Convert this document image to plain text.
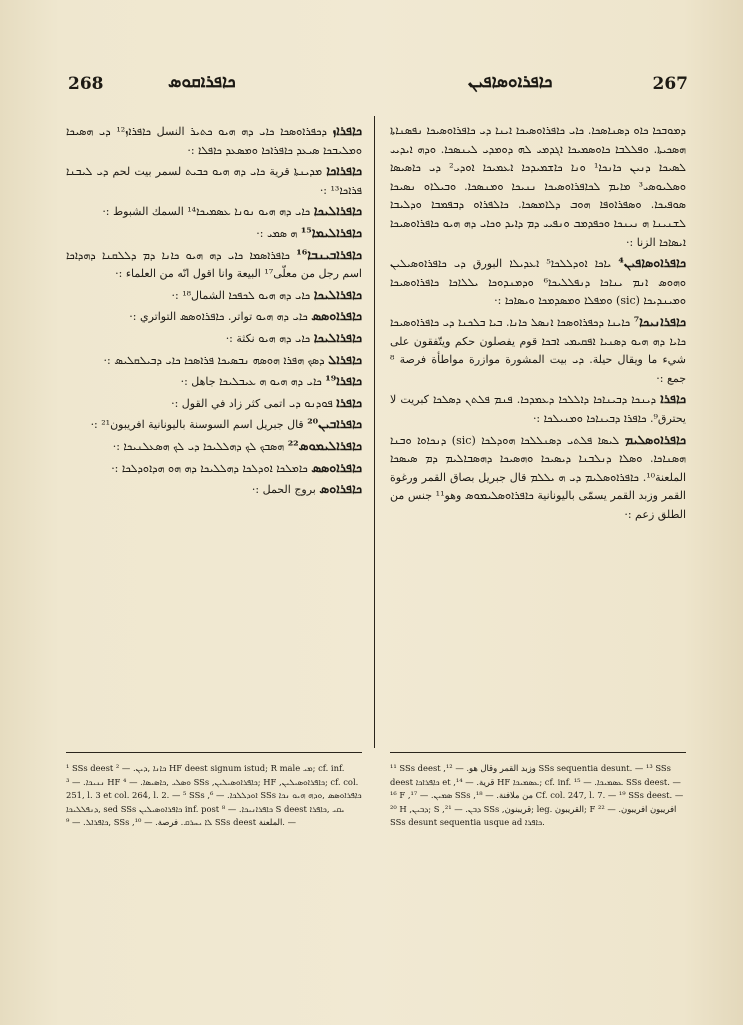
268	ܟܐܦܪܐܩܘܣ	ܟܐܦܪܐܘܣܐܦܝܢ	267
ܟܐܦܪܐܙ ܕܟܦܪܐܘܣܟܐ ܟܐܝ ܕܗ ܗܝܘ ܟܬܝܪ النسل ܟܐܦܪܐܙ¹² ܕܝ ܗܣܝܟܐ ܘܡܠܝܒܟܐ ܣܝܥܕ ܟܐܦܪܐܟܐ ܘܡܣܥܕ ܟܐܦܠܐ :·
ܟܐܦܪܐܟܐ ܡܕܝܢܬܐ قرية ܟܐܝ ܕܗ ܗܝܘ ܟܒܝܬ لسمر بيت لحم ܕܝ ܠܝܒܢܐ ܦܪܐܟܐ¹³ :·
ܟܐܦܪܐܠܝܟܐ ܟܐܝ ܕܗ ܗܝܘ ܢܘܢܐ ܥܣܡܝܟܐ¹⁴ السمك الشبوط :·
ܟܐܦܪܐܠܝܡܐ¹⁵ ܗ ܣܡܝ :·
ܟܐܦܪܐܒܝܢܒܐ¹⁶ ܟܐܦܪܐܣܡܐ ܟܐܝ ܕܗ ܗܝܘ ܟܐܢܐ ܕܡ ܕܠܠܩܢܐ ܕܗܕܐܟܐ اسم رجل من معلّى¹⁷ البيعة وانا اقول انّه من العلماء :·
ܟܐܦܪܐܠܝܟܐ ܟܐܝ ܕܗ ܗܝܘ ܠܟܦܟܐ الشمال¹⁸ :·
ܟܐܦܪܐܘܣܣ ܟܐܝ ܕܗ ܗܝܘ تواتر. ܟܐܦܪܐܘܣܣ التواتري :·
ܟܐܦܪܐܠܝܟܐ ܟܐܝ ܕܗ ܗܝܘ نكثة :·
ܟܐܦܪܐܠ ܕܣܟ ܗܦܪܐ ܗܘܣܗ ܢܒܣܝܟܐ ܦܪܐܣܟܐ ܟܐܝ ܕܒܝܠܩܠܝܣ :·
ܟܐܦܪܐ¹⁹ ܟܐܝ ܕܗ ܗܝܘ ܗ ܥܝܒܠܝܟܐ جاهل :·
ܟܐܦܪܐ ܦܘܕܢܘ ܕܝ اتمی كثر زاد ﻓﻲ القول :·
ܟܐܦܪܐܒܝܢ²⁰ قال جبريل اسم السوسنة باليونانية افريبون²¹ :·
ܟܐܦܪܐܠܝܡܘܣ²² ܗܣܒܟ ܠܟ ܕܗܠܠܝܟܐ ܕܝ ܠܟ ܗܣܥܠܢܝܟܐ :·
ܟܐܦܪܐܘܣܣ ܟܐܡܠܟܐ ܐܘܕܠܟܐ ܕܗܠܠܝܟܐ ܕܗ ܗܘ ܗܕܐܘܕܠܟܐ :·
ܟܐܦܪܐܘܣ بروج الحمل :·
ܕܡܘܒܟܐ ܟܐܘ ܕܣܢܐܣܟܐ. ܟܐܝ ܟܐܦܪܐܘܣܝܟܐ ܐܝܢܐ ܕܝ ܟܐܦܪܐܘܣܝܟܐ ܢܦܣܢܐܬܐ ܗܣܟܝܬܐ. ܘܦܠܠܒܐ ܟܐܘܣܡܝܟܐ ܐܓܕܡܝ ܠܗ ܕܘܡܕܝ ܠܝܢܣܟܐ. ܘܕܗ ܐܝܕܝܝ ܠܣܝܟܐ ܕܢܝܢ ܟܐܢܟܐ¹ ܘܢܐ ܟܐܫܡܝܕܟܐ ܐܥܡܝܟܐ ܐܘܕܝ² ܕܝ ܟܐܣܝܣܐ ܘܣܠܝܘܣܝ³ ܡܐܝܡ ܠܟܐܦܪܐܘܣܝܟܐ ܢܢܝܟܐ ܘܡܢܣܟܐ. ܘܒܝܠܐܘ ܢܣܝܟܐ ܣܘܦܝܟܐ. ܘܣܦܪܐܘܦܐ ܗܘܒ ܕܠܐܡܣܟܐ. ܟܐܠܦܪܐܘ ܕܒܦܡܒܐ ܘܕܠܝܒܐ ܠܫܢܝܢܐ ܗ ܢܝܢܟܐ ܘܟܦܕܡܒ ܘܢܦܝܝ ܕܡ ܕܐܝܕ ܘܟܐܝ ܕܗ ܗܝܘ ܟܐܦܪܐܘܣܝܟܐ ܐܝܣܐܟܐ الزنا :·
ܟܐܦܪܐܘܣܐܦܝܢ⁴ ܝܐܟܐ ܐܘܕܠܠܟܐ⁵ ܐܥܕܝܠܐ البورق ܕܝ ܟܐܦܪܐܘܣܝܠܝܢ ܘܗܘܣ ܐܢܡ ܝܢܐܟܐ ܕܢܦܠܠܝܟܐ⁶ ܘܕܡܢܕܘܟܐ ܝܠܠܐܟܐ ܟܐܦܪܐܘܣܝܟܐ ܘܡܝܢܕܝܟܐ (sic) ܘܡܦܠܐ ܘܡܣܕܡܟܐ ܘܝܣܐܟܐ :·
ܟܐܦܪܐܢܝܟܐ⁷ ܟܐܝܢܐ ܕܟܦܪܐܘܣܟܐ ܐܢܣܠ ܟܐܢܐ. ܒܝܐ ܒܠܟܢܐ ܕܝ ܟܐܦܪܐܘܣܝܟܐ ܟܐܝܐ ܕܗ ܗܝܘ ܕܣܢܝܐ ܐܦܩܝܡܝ ܐܒܟܐ قوم يفصلون حكم ويتّفقون على شيء ما ويقال حيلة. ܕܝ بيت المشورة موازرة مواطأة فرصة ⁸ جمع :·
ܟܐܦܪܐ ܕܝܢܟܐ ܕܒܝܢܐܟܐ ܕܐܠܠܟܐ ܕܥܡܕܟܐ. ܦܢܡ ܦܠܬܢ ܕܣܠܟܐ كبريت لا يحترق⁹. ܟܐܦܪܐ ܕܒܝܢܐܟܐ ܘܡܢܝܠܟܐ :·
ܟܐܦܪܐܘܣܠܝܡ ܠܝܣܐ ܦܠܬܝ ܕܣܢܠܠܟܐ ܗܘܕܠܟܐ (sic) ܕܢܟܐܘܐ ܘܒܢܐ ܗܣܢܐܟܐ. ܘܣܠܐ ܕܢܠܒܢܐ ܕܝܣܝܟܐ ܘܗܣܝܟܐ ܕܗܣܒܐܠܝܡ ܕܡ ܣܝܣܟܐ الملعنة¹⁰. ܟܐܦܪܐܘܣܠܝܡ ܕܝ ܗ ܝܠܠܡ قال جبريل بصاق القمر ورغوة القمر وزبد القمر يسمّى باليونانية ܟܐܦܪܐܘܣܠܝܡܘܣ وهو¹¹ جنس من الطلق زعم :·
¹ SSs deest ܟܐܢܐ ,ܕܝܢ. — ² HF deest signum istud; R male ܡܝ; cf. inf. ܢܢܝܟܐ. — ³ HF ܘܣܠܝ ,ܟܐܣܝܣܐ. — ⁴ SSs ,ܟܐܦܪܐܘܣܝܠܝܢ; HF ,ܟܐܦܪܐܘܣܝܠܝܢ; cf. col. 251, l. 3 et col. 264, l. 2. — ⁵ SSs ,ܐܘܕܠܠܟܐ. — ⁶ SSs ܟܐܦܪܐܘܣܣ ,ܘܕܗ ܗܝܘ ܢܟܐ ܕܢܦܠܠܝܟܐ, sed SSs ܟܐܦܪܐܘܣܝܠܝܢ inf. post ܟܐܦܪܐܢܝܟܐ. — ⁸ S deest ܝܩܝ ,ܟܐܦܪܐ ,ܟܐܦܪܐܠ. — ⁹ SSs ,ܠܐ ܝܚܪܩ. فرصة. — ¹⁰ SSs deest الملعنة. —
¹¹ SSs deest ,وزبد القمر وقال هو. — ¹² SSs sequentia desunt. — ¹³ SSs deest ܟܐܦܪܐܟܐ et ,قرية. — ¹⁴ HF ܥܣܡܝܟܐ; cf. inf. ܥܣܡܝܟܐ. — ¹⁵ SSs deest. — ¹⁶ F ,ܣܡܝܢ. — ¹⁷ SSs ,من ملافنة. — ¹⁸ Cf. col. 247, l. 7. — ¹⁹ SSs deest. — ²⁰ H ,ܕܒܝܢ; S ,ܕܒܢ. — ²¹ SSs ,قريبنون; leg. القريبون; F افريبون افريبون. — ²² SSs desunt sequentia usque ad ܟܐܦܪܐ.
